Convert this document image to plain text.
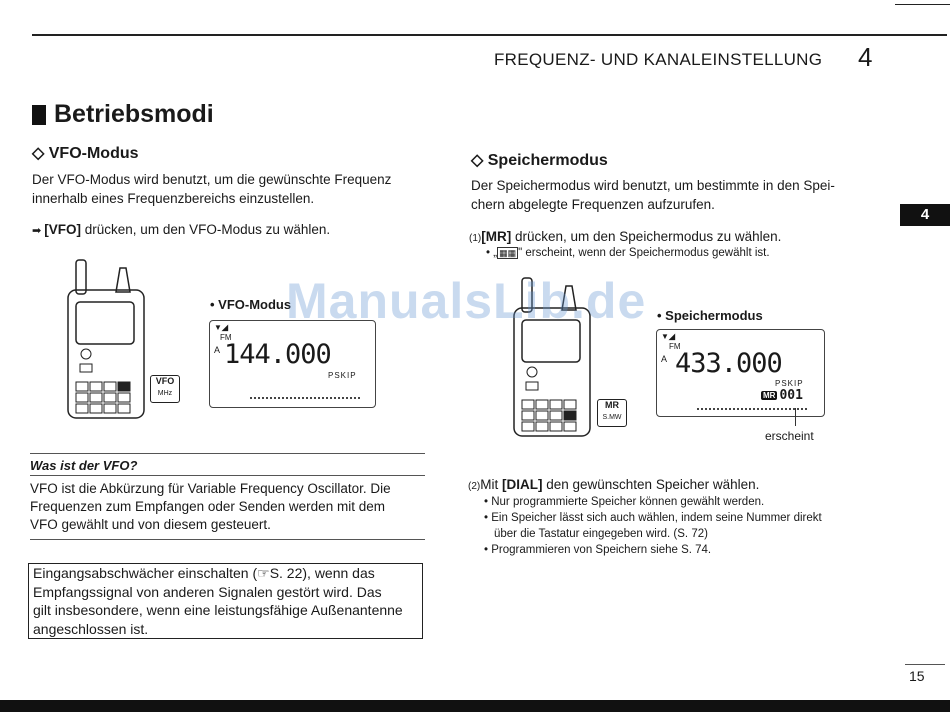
FREQUENZ- UND KANALEINSTELLUNG 4
4
Betriebsmodi
◇ VFO-Modus
Der VFO-Modus wird benutzt, um die gewünschte Frequenz
innerhalb eines Frequenzbereichs einzustellen.
➡ [VFO] drücken, um den VFO-Modus zu wählen.
VFO
MHz
• VFO-Modus
▼◢
FM
A 144.000
PSKIP
Was ist der VFO?
VFO ist die Abkürzung für Variable Frequency Oscillator. Die
Frequenzen zum Empfangen oder Senden werden mit dem
VFO gewählt und von diesem gesteuert.
Eingangsabschwächer einschalten (☞S. 22), wenn das
Empfangssignal von anderen Signalen gestört wird. Das
gilt insbesondere, wenn eine leistungsfähige Außenantenne
angeschlossen ist.
◇ Speichermodus
Der Speichermodus wird benutzt, um bestimmte in den Spei-
chern abgelegte Frequenzen aufzurufen.
(1)[MR] drücken, um den Speichermodus zu wählen.
• „ ▦▦ " erscheint, wenn der Speichermodus gewählt ist.
MR
S.MW
• Speichermodus
▼◢
FM
A 433.000
PSKIP
MR 001
erscheint
ManualsLib.de
(2)Mit [DIAL] den gewünschten Speicher wählen.
• Nur programmierte Speicher können gewählt werden.
• Ein Speicher lässt sich auch wählen, indem seine Nummer direkt
über die Tastatur eingegeben wird. (S. 72)
• Programmieren von Speichern siehe S. 74.
15
